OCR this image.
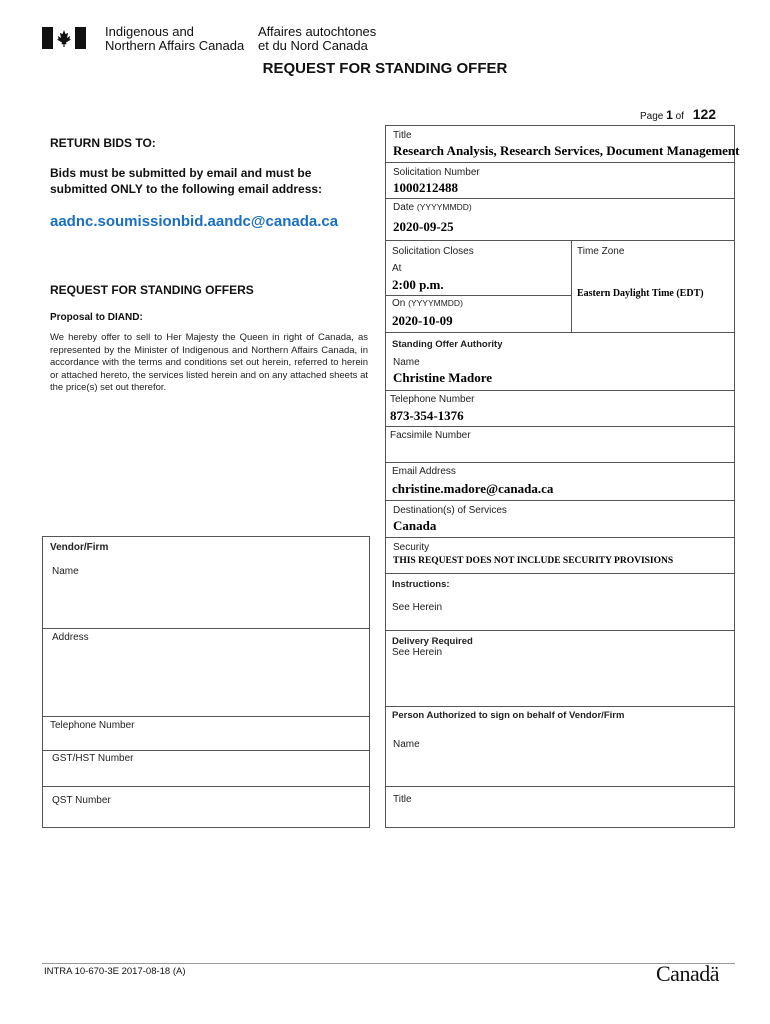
Indigenous and
Northern Affairs Canada
Affaires autochtones
et du Nord Canada
REQUEST FOR STANDING OFFER
Page 1 of 122
RETURN BIDS TO:
Bids must be submitted by email and must be
submitted ONLY to the following email address:
aadnc.soumissionbid.aandc@canada.ca
REQUEST FOR STANDING OFFERS
Proposal to DIAND:
We hereby offer to sell to Her Majesty the Queen in right of Canada, as represented by the Minister of Indigenous and Northern Affairs Canada, in accordance with the terms and conditions set out herein, referred to herein or attached hereto, the services listed herein and on any attached sheets at the price(s) set out therefor.
Vendor/Firm
Name
Address
Telephone Number
GST/HST Number
QST Number
Title
Research Analysis, Research Services, Document Management
Solicitation Number
1000212488
Date (YYYYMMDD)
2020-09-25
Solicitation Closes	Time Zone
At
2:00 p.m.
Eastern Daylight Time (EDT)
On (YYYYMMDD)
2020-10-09
Standing Offer Authority
Name
Christine Madore
Telephone Number
873-354-1376
Facsimile Number
Email Address
christine.madore@canada.ca
Destination(s) of Services
Canada
Security
THIS REQUEST DOES NOT INCLUDE SECURITY PROVISIONS
Instructions:
See Herein
Delivery Required
See Herein
Person Authorized to sign on behalf of Vendor/Firm
Name
Title
INTRA 10-670-3E 2017-08-18 (A)	Canadä
